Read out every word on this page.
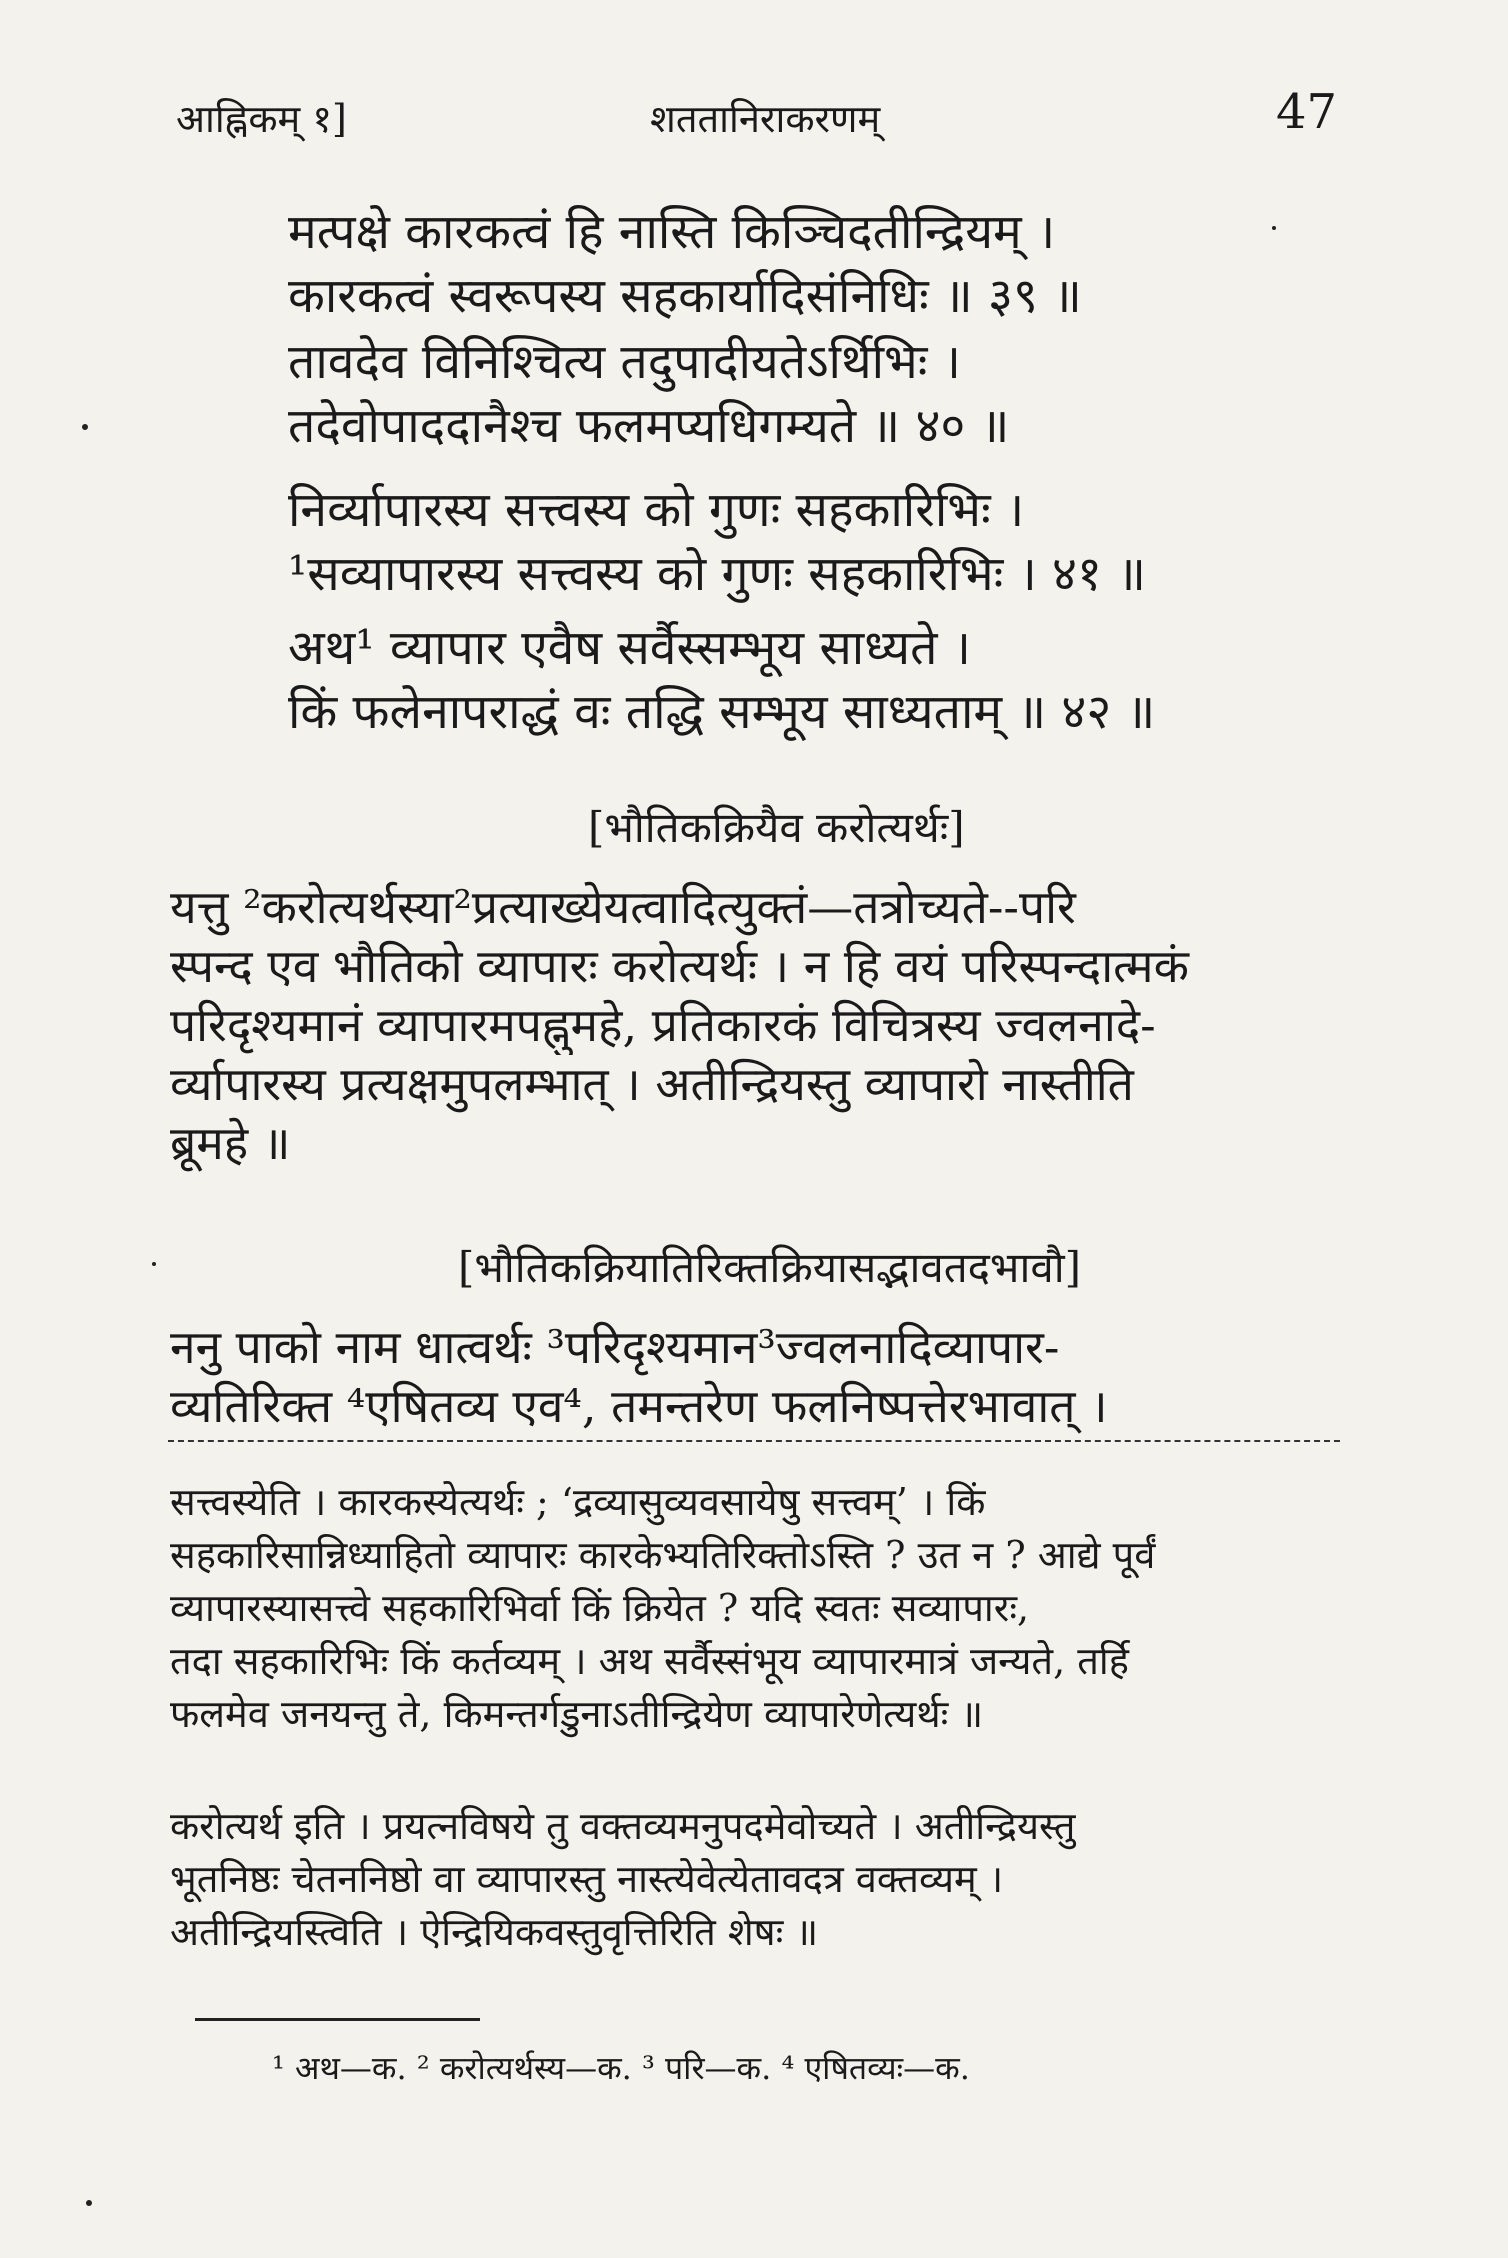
आह्निकम् १]	शततानिराकरणम्	47
मत्पक्षे कारकत्वं हि नास्ति किञ्चिदतीन्द्रियम् ।
कारकत्वं स्वरूपस्य सहकार्यादिसंनिधिः ॥ ३९ ॥
तावदेव विनिश्चित्य तदुपादीयतेऽर्थिभिः ।
तदेवोपाददानैश्च फलमप्यधिगम्यते ॥ ४० ॥
निर्व्यापारस्य सत्त्वस्य को गुणः सहकारिभिः ।
¹सव्यापारस्य सत्त्वस्य को गुणः सहकारिभिः । ४१ ॥
अथ¹ व्यापार एवैष सर्वैस्सम्भूय साध्यते ।
किं फलेनापराद्धं वः तद्धि सम्भूय साध्यताम् ॥ ४२ ॥
[भौतिकक्रियैव करोत्यर्थः]
यत्तु ²करोत्यर्थस्या²प्रत्याख्येयत्वादित्युक्तं—तत्रोच्यते--परि
स्पन्द एव भौतिको व्यापारः करोत्यर्थः । न हि वयं परिस्पन्दात्मकं
परिदृश्यमानं व्यापारमपह्नुमहे, प्रतिकारकं विचित्रस्य ज्वलनादे-
र्व्यापारस्य प्रत्यक्षमुपलम्भात् । अतीन्द्रियस्तु व्यापारो नास्तीति
ब्रूमहे ॥
[भौतिकक्रियातिरिक्तक्रियासद्भावतदभावौ]
ननु पाको नाम धात्वर्थः ³परिदृश्यमान³ज्वलनादिव्यापार-
व्यतिरिक्त ⁴एषितव्य एव⁴, तमन्तरेण फलनिष्पत्तेरभावात् ।
सत्त्वस्येति । कारकस्येत्यर्थः ; ‘द्रव्यासुव्यवसायेषु सत्त्वम्’ । किं
सहकारिसान्निध्याहितो व्यापारः कारकेभ्यतिरिक्तोऽस्ति ? उत न ? आद्ये पूर्वं
व्यापारस्यासत्त्वे सहकारिभिर्वा किं क्रियेत ? यदि स्वतः सव्यापारः,
तदा सहकारिभिः किं कर्तव्यम् । अथ सर्वैस्संभूय व्यापारमात्रं जन्यते, तर्हि
फलमेव जनयन्तु ते, किमन्तर्गडुनाऽतीन्द्रियेण व्यापारेणेत्यर्थः ॥
करोत्यर्थ इति । प्रयत्नविषये तु वक्तव्यमनुपदमेवोच्यते । अतीन्द्रियस्तु
भूतनिष्ठः चेतननिष्ठो वा व्यापारस्तु नास्त्येवेत्येतावदत्र वक्तव्यम् ।
अतीन्द्रियस्त्विति । ऐन्द्रियिकवस्तुवृत्तिरिति शेषः ॥
¹ अथ—क. ² करोत्यर्थस्य—क. ³ परि—क. ⁴ एषितव्यः—क.
